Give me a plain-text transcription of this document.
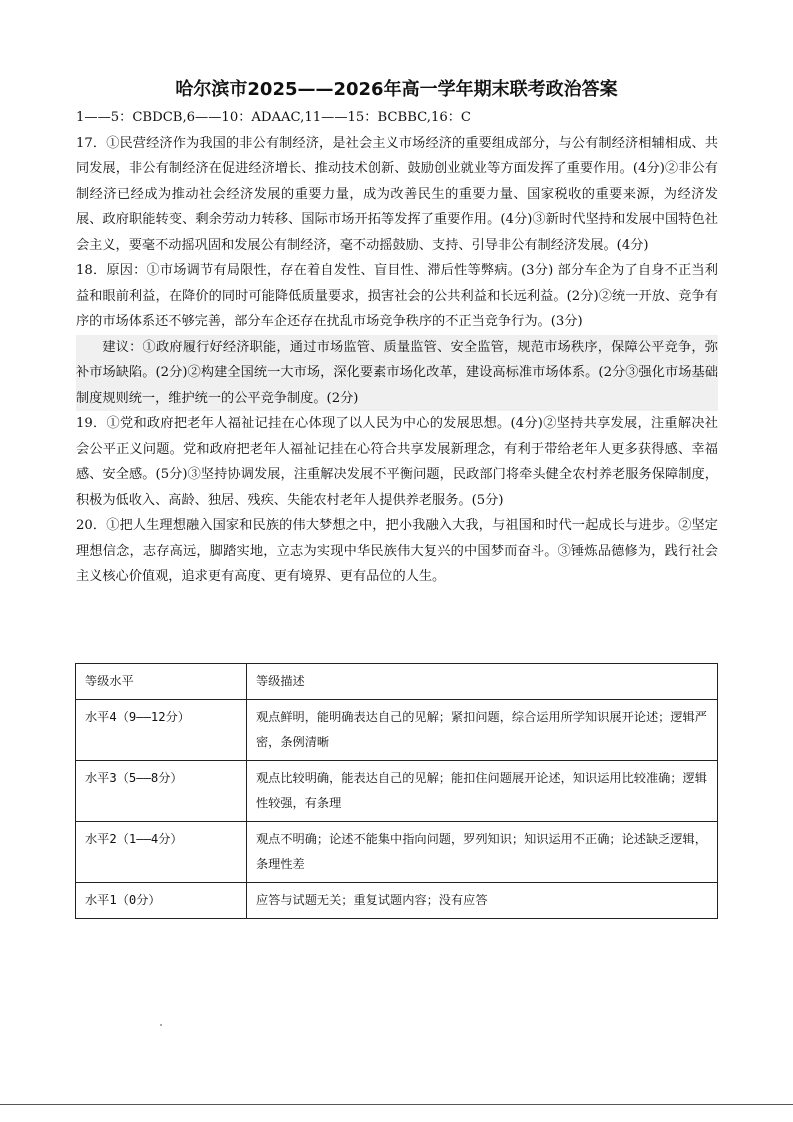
哈尔滨市2025——2026年高一学年期末联考政治答案

1——5：CBDCB,6——10：ADAAC,11——15：BCBBC,16：C

17．①民营经济作为我国的非公有制经济，是社会主义市场经济的重要组成部分，与公有制经济相辅相成、共同发展，非公有制经济在促进经济增长、推动技术创新、鼓励创业就业等方面发挥了重要作用。(4分)②非公有制经济已经成为推动社会经济发展的重要力量，成为改善民生的重要力量、国家税收的重要来源，为经济发展、政府职能转变、剩余劳动力转移、国际市场开拓等发挥了重要作用。(4分)③新时代坚持和发展中国特色社会主义，要毫不动摇巩固和发展公有制经济，毫不动摇鼓励、支持、引导非公有制经济发展。(4分)

18．原因：①市场调节有局限性，存在着自发性、盲目性、滞后性等弊病。(3分) 部分车企为了自身不正当利益和眼前利益，在降价的同时可能降低质量要求，损害社会的公共利益和长远利益。(2分)②统一开放、竞争有序的市场体系还不够完善，部分车企还存在扰乱市场竞争秩序的不正当竞争行为。(3分)

建议：①政府履行好经济职能，通过市场监管、质量监管、安全监管，规范市场秩序，保障公平竞争，弥补市场缺陷。(2分)②构建全国统一大市场，深化要素市场化改革，建设高标准市场体系。(2分③强化市场基础制度规则统一，维护统一的公平竞争制度。(2分)

19．①党和政府把老年人福祉记挂在心体现了以人民为中心的发展思想。(4分)②坚持共享发展，注重解决社会公平正义问题。党和政府把老年人福祉记挂在心符合共享发展新理念，有利于带给老年人更多获得感、幸福感、安全感。(5分)③坚持协调发展，注重解决发展不平衡问题，民政部门将牵头健全农村养老服务保障制度，积极为低收入、高龄、独居、残疾、失能农村老年人提供养老服务。(5分)

20．①把人生理想融入国家和民族的伟大梦想之中，把小我融入大我，与祖国和时代一起成长与进步。②坚定理想信念，志存高远，脚踏实地，立志为实现中华民族伟大复兴的中国梦而奋斗。③锤炼品德修为，践行社会主义核心价值观，追求更有高度、更有境界、更有品位的人生。

等级水平	等级描述
水平4（9——12分）	观点鲜明，能明确表达自己的见解；紧扣问题，综合运用所学知识展开论述；逻辑严密，条例清晰
水平3（5——8分）	观点比较明确，能表达自己的见解；能扣住问题展开论述，知识运用比较准确；逻辑性较强，有条理
水平2（1——4分）	观点不明确；论述不能集中指向问题，罗列知识；知识运用不正确；论述缺乏逻辑，条理性差
水平1（0分）	应答与试题无关；重复试题内容；没有应答
